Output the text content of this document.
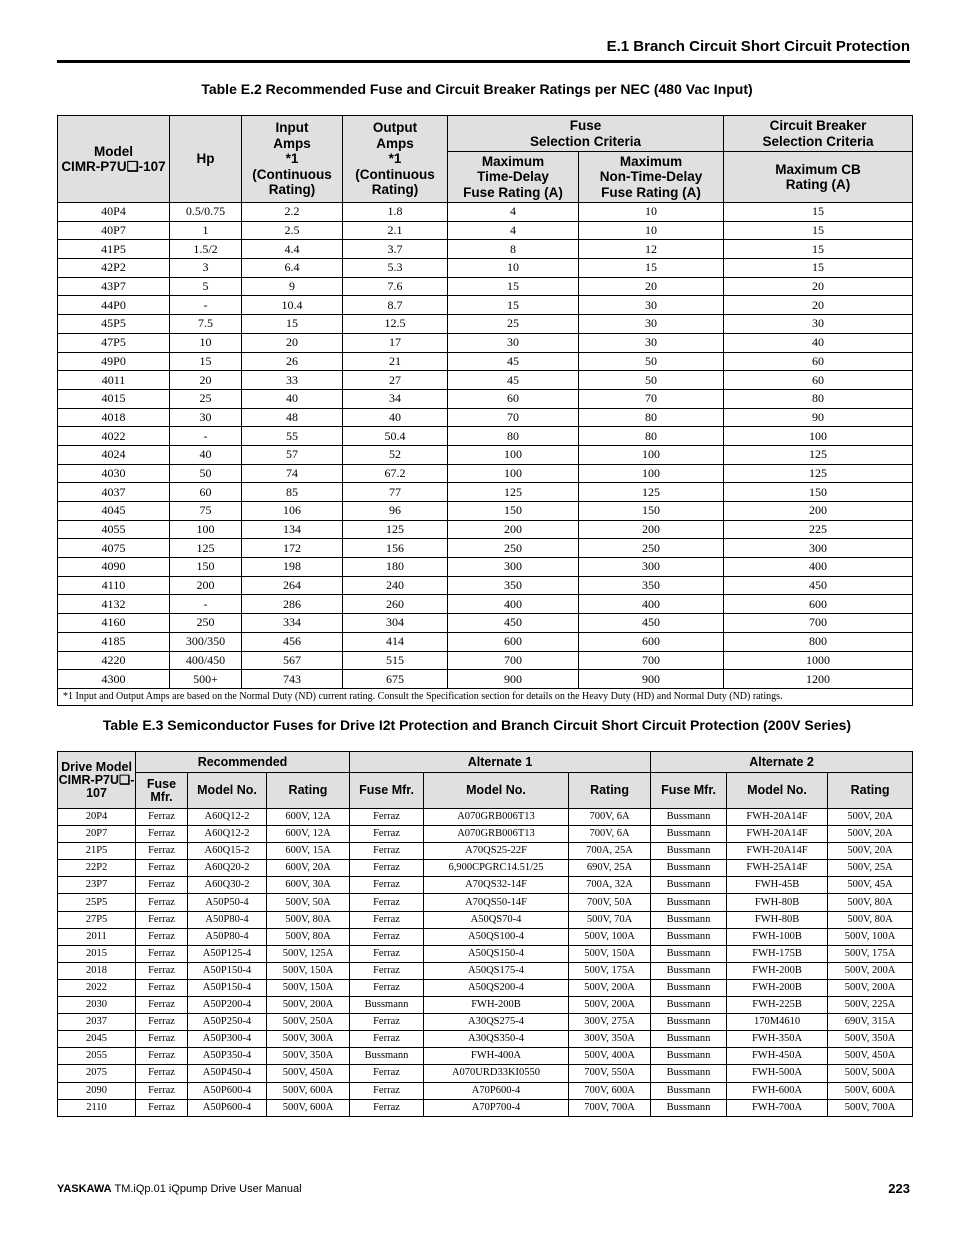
E.1 Branch Circuit Short Circuit Protection
Table E.2 Recommended Fuse and Circuit Breaker Ratings per NEC (480 Vac Input)
Model
CIMR-P7U❑-107	Hp	Input
Amps
*1
(Continuous
Rating)	Output
Amps
*1
(Continuous
Rating)	Fuse
Selection Criteria		Circuit Breaker
Selection Criteria
				Maximum
Time-Delay
Fuse Rating (A)	Maximum
Non-Time-Delay
Fuse Rating (A)	Maximum CB
Rating (A)
40P4	0.5/0.75	2.2	1.8	4	10	15
40P7	1	2.5	2.1	4	10	15
41P5	1.5/2	4.4	3.7	8	12	15
42P2	3	6.4	5.3	10	15	15
43P7	5	9	7.6	15	20	20
44P0	-	10.4	8.7	15	30	20
45P5	7.5	15	12.5	25	30	30
47P5	10	20	17	30	30	40
49P0	15	26	21	45	50	60
4011	20	33	27	45	50	60
4015	25	40	34	60	70	80
4018	30	48	40	70	80	90
4022	-	55	50.4	80	80	100
4024	40	57	52	100	100	125
4030	50	74	67.2	100	100	125
4037	60	85	77	125	125	150
4045	75	106	96	150	150	200
4055	100	134	125	200	200	225
4075	125	172	156	250	250	300
4090	150	198	180	300	300	400
4110	200	264	240	350	350	450
4132	-	286	260	400	400	600
4160	250	334	304	450	450	700
4185	300/350	456	414	600	600	800
4220	400/450	567	515	700	700	1000
4300	500+	743	675	900	900	1200
*1 Input and Output Amps are based on the Normal Duty (ND) current rating. Consult the Specification section for details on the Heavy Duty (HD) and Normal Duty (ND) ratings.						
Table E.3 Semiconductor Fuses for Drive I2t Protection and Branch Circuit Short Circuit Protection (200V Series)
Drive Model
CIMR-P7U❑-
107	Recommended			Alternate 1			Alternate 2		
	Fuse
Mfr.	Model No.	Rating	Fuse Mfr.	Model No.	Rating	Fuse Mfr.	Model No.	Rating
20P4	Ferraz	A60Q12-2	600V, 12A	Ferraz	A070GRB006T13	700V, 6A	Bussmann	FWH-20A14F	500V, 20A
20P7	Ferraz	A60Q12-2	600V, 12A	Ferraz	A070GRB006T13	700V, 6A	Bussmann	FWH-20A14F	500V, 20A
21P5	Ferraz	A60Q15-2	600V, 15A	Ferraz	A70QS25-22F	700A, 25A	Bussmann	FWH-20A14F	500V, 20A
22P2	Ferraz	A60Q20-2	600V, 20A	Ferraz	6,900CPGRC14.51/25	690V, 25A	Bussmann	FWH-25A14F	500V, 25A
23P7	Ferraz	A60Q30-2	600V, 30A	Ferraz	A70QS32-14F	700A, 32A	Bussmann	FWH-45B	500V, 45A
25P5	Ferraz	A50P50-4	500V, 50A	Ferraz	A70QS50-14F	700V, 50A	Bussmann	FWH-80B	500V, 80A
27P5	Ferraz	A50P80-4	500V, 80A	Ferraz	A50QS70-4	500V, 70A	Bussmann	FWH-80B	500V, 80A
2011	Ferraz	A50P80-4	500V, 80A	Ferraz	A50QS100-4	500V, 100A	Bussmann	FWH-100B	500V, 100A
2015	Ferraz	A50P125-4	500V, 125A	Ferraz	A50QS150-4	500V, 150A	Bussmann	FWH-175B	500V, 175A
2018	Ferraz	A50P150-4	500V, 150A	Ferraz	A50QS175-4	500V, 175A	Bussmann	FWH-200B	500V, 200A
2022	Ferraz	A50P150-4	500V, 150A	Ferraz	A50QS200-4	500V, 200A	Bussmann	FWH-200B	500V, 200A
2030	Ferraz	A50P200-4	500V, 200A	Bussmann	FWH-200B	500V, 200A	Bussmann	FWH-225B	500V, 225A
2037	Ferraz	A50P250-4	500V, 250A	Ferraz	A30QS275-4	300V, 275A	Bussmann	170M4610	690V, 315A
2045	Ferraz	A50P300-4	500V, 300A	Ferraz	A30QS350-4	300V, 350A	Bussmann	FWH-350A	500V, 350A
2055	Ferraz	A50P350-4	500V, 350A	Bussmann	FWH-400A	500V, 400A	Bussmann	FWH-450A	500V, 450A
2075	Ferraz	A50P450-4	500V, 450A	Ferraz	A070URD33KI0550	700V, 550A	Bussmann	FWH-500A	500V, 500A
2090	Ferraz	A50P600-4	500V, 600A	Ferraz	A70P600-4	700V, 600A	Bussmann	FWH-600A	500V, 600A
2110	Ferraz	A50P600-4	500V, 600A	Ferraz	A70P700-4	700V, 700A	Bussmann	FWH-700A	500V, 700A
YASKAWA TM.iQp.01 iQpump Drive User Manual	223
